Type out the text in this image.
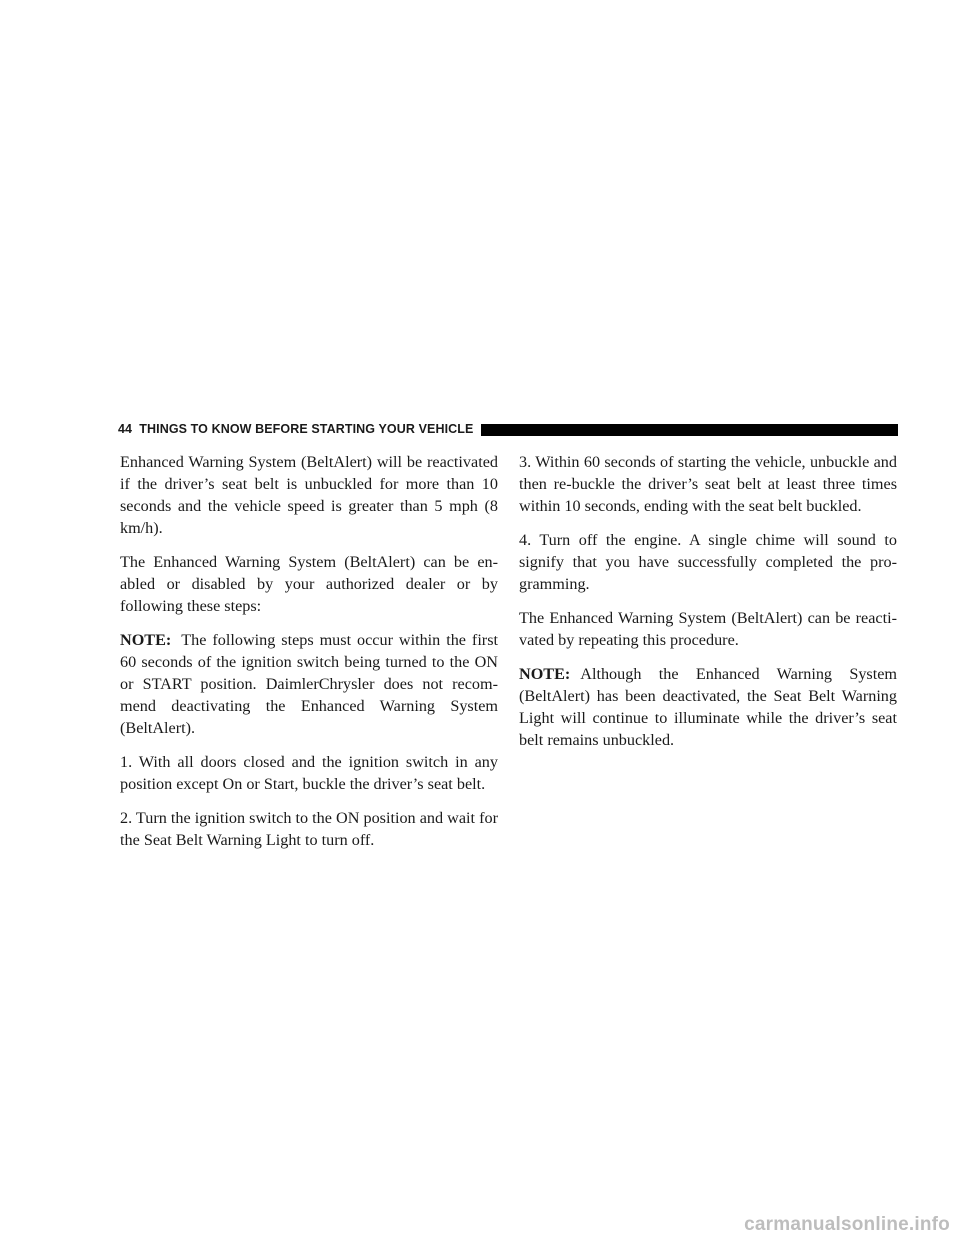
44
THINGS TO KNOW BEFORE STARTING YOUR VEHICLE

Enhanced Warning System (BeltAlert) will be reactivated if the driver’s seat belt is unbuckled for more than 10 seconds and the vehicle speed is greater than 5 mph (8 km/h).

The Enhanced Warning System (BeltAlert) can be en-abled or disabled by your authorized dealer or by following these steps:

NOTE: The following steps must occur within the first 60 seconds of the ignition switch being turned to the ON or START position. DaimlerChrysler does not recom-mend deactivating the Enhanced Warning System (BeltAlert).

1. With all doors closed and the ignition switch in any position except On or Start, buckle the driver’s seat belt.

2. Turn the ignition switch to the ON position and wait for the Seat Belt Warning Light to turn off.

3. Within 60 seconds of starting the vehicle, unbuckle and then re-buckle the driver’s seat belt at least three times within 10 seconds, ending with the seat belt buckled.

4. Turn off the engine. A single chime will sound to signify that you have successfully completed the pro-gramming.

The Enhanced Warning System (BeltAlert) can be reacti-vated by repeating this procedure.

NOTE: Although the Enhanced Warning System (BeltAlert) has been deactivated, the Seat Belt Warning Light will continue to illuminate while the driver’s seat belt remains unbuckled.

carmanualsonline.info
